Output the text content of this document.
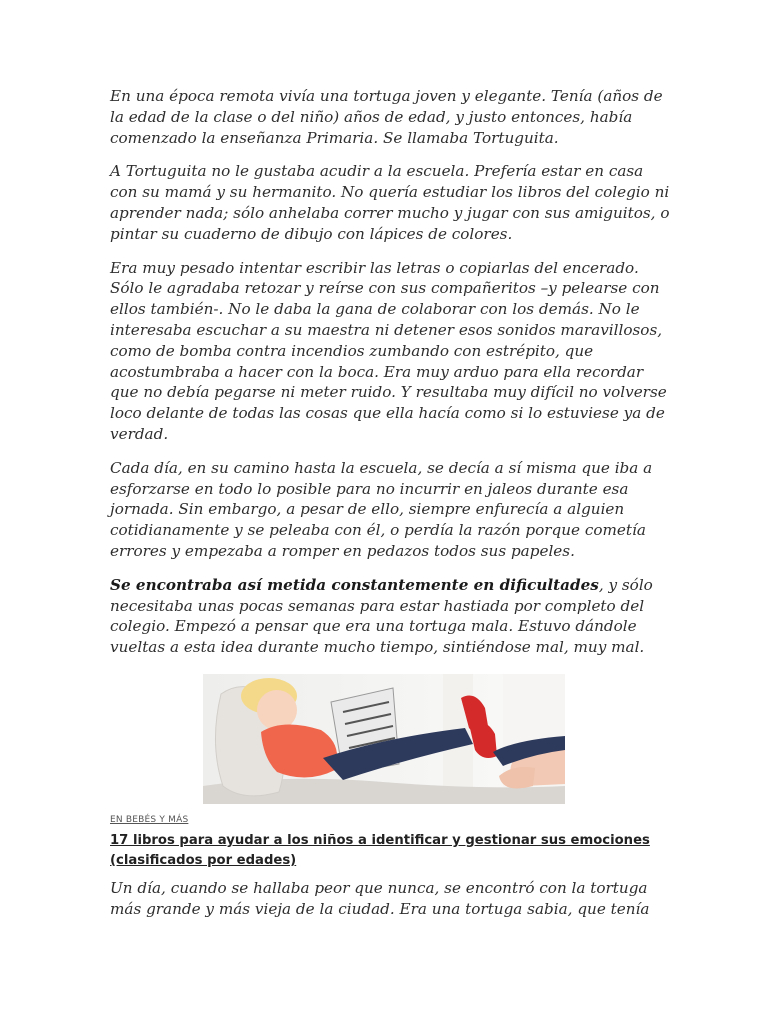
En una época remota vivía una tortuga joven y elegante. Tenía (años de la edad de la clase o del niño) años de edad, y justo entonces, había comenzado la enseñanza Primaria. Se llamaba Tortuguita.

A Tortuguita no le gustaba acudir a la escuela. Prefería estar en casa con su mamá y su hermanito. No quería estudiar los libros del colegio ni aprender nada; sólo anhelaba correr mucho y jugar con sus amiguitos, o pintar su cuaderno de dibujo con lápices de colores.

Era muy pesado intentar escribir las letras o copiarlas del encerado. Sólo le agradaba retozar y reírse con sus compañeritos –y pelearse con ellos también-. No le daba la gana de colaborar con los demás. No le interesaba escuchar a su maestra ni detener esos sonidos maravillosos, como de bomba contra incendios zumbando con estrépito, que acostumbraba a hacer con la boca. Era muy arduo para ella recordar que no debía pegarse ni meter ruido. Y resultaba muy difícil no volverse loco delante de todas las cosas que ella hacía como si lo estuviese ya de verdad.

Cada día, en su camino hasta la escuela, se decía a sí misma que iba a esforzarse en todo lo posible para no incurrir en jaleos durante esa jornada. Sin embargo, a pesar de ello, siempre enfurecía a alguien cotidianamente y se peleaba con él, o perdía la razón porque cometía errores y empezaba a romper en pedazos todos sus papeles.

Se encontraba así metida constantemente en dificultades, y sólo necesitaba unas pocas semanas para estar hastiada por completo del colegio. Empezó a pensar que era una tortuga mala. Estuvo dándole vueltas a esta idea durante mucho tiempo, sintiéndose mal, muy mal.

EN BEBÉS Y MÁS
17 libros para ayudar a los niños a identificar y gestionar sus emociones (clasificados por edades)

Un día, cuando se hallaba peor que nunca, se encontró con la tortuga más grande y más vieja de la ciudad. Era una tortuga sabia, que tenía
